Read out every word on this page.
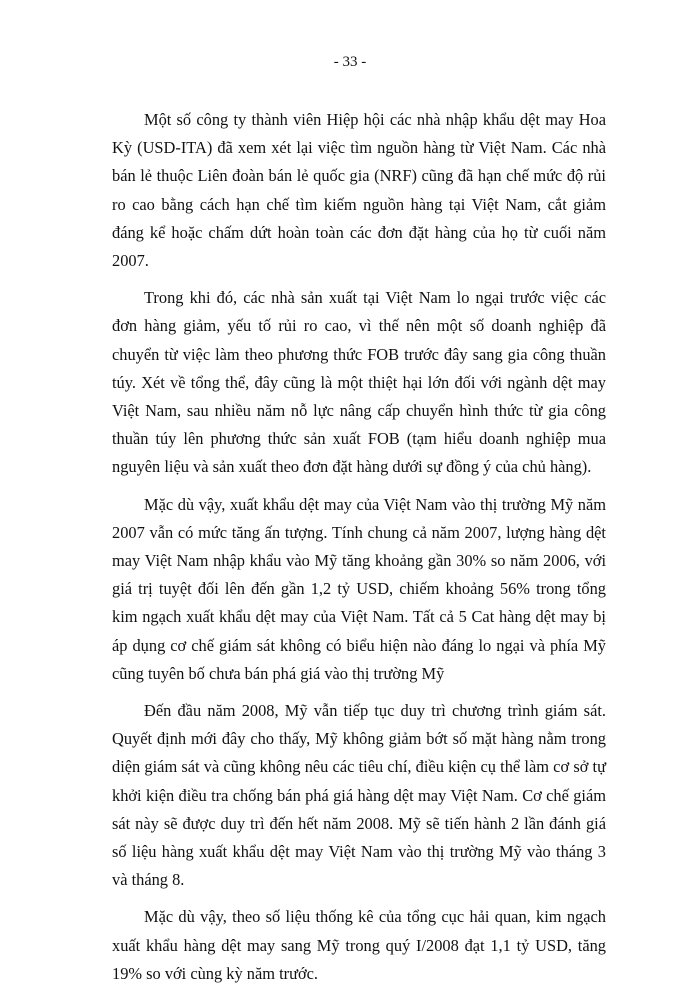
- 33 -

Một số công ty thành viên Hiệp hội các nhà nhập khẩu dệt may Hoa Kỳ (USD-ITA) đã xem xét lại việc tìm nguồn hàng từ Việt Nam. Các nhà bán lẻ thuộc Liên đoàn bán lẻ quốc gia (NRF) cũng đã hạn chế mức độ rủi ro cao bằng cách hạn chế tìm kiếm nguồn hàng tại Việt Nam, cắt giảm đáng kể hoặc chấm dứt hoàn toàn các đơn đặt hàng của họ từ cuối năm 2007.

Trong khi đó, các nhà sản xuất tại Việt Nam lo ngại trước việc các đơn hàng giảm, yếu tố rủi ro cao, vì thế nên một số doanh nghiệp đã chuyển từ việc làm theo phương thức FOB trước đây sang gia công thuần túy. Xét về tổng thể, đây cũng là một thiệt hại lớn đối với ngành dệt may Việt Nam, sau nhiều năm nỗ lực nâng cấp chuyển hình thức từ gia công thuần túy lên phương thức sản xuất FOB (tạm hiểu doanh nghiệp mua nguyên liệu và sản xuất theo đơn đặt hàng dưới sự đồng ý của chủ hàng).

Mặc dù vậy, xuất khẩu dệt may của Việt Nam vào thị trường Mỹ năm 2007 vẫn có mức tăng ấn tượng. Tính chung cả năm 2007, lượng hàng dệt may Việt Nam nhập khẩu vào Mỹ tăng khoảng gần 30% so năm 2006, với giá trị tuyệt đối lên đến gần 1,2 tỷ USD, chiếm khoảng 56% trong tổng kim ngạch xuất khẩu dệt may của Việt Nam. Tất cả 5 Cat hàng dệt may bị áp dụng cơ chế giám sát không có biểu hiện nào đáng lo ngại và phía Mỹ cũng tuyên bố chưa bán phá giá vào thị trường Mỹ

Đến đầu năm 2008, Mỹ vẫn tiếp tục duy trì chương trình giám sát. Quyết định mới đây cho thấy, Mỹ không giảm bớt số mặt hàng nằm trong diện giám sát và cũng không nêu các tiêu chí, điều kiện cụ thể làm cơ sở tự khởi kiện điều tra chống bán phá giá hàng dệt may Việt Nam. Cơ chế giám sát này sẽ được duy trì đến hết năm 2008. Mỹ sẽ tiến hành 2 lần đánh giá số liệu hàng xuất khẩu dệt may Việt Nam vào thị trường Mỹ vào tháng 3 và tháng 8.

Mặc dù vậy, theo số liệu thống kê của tổng cục hải quan, kim ngạch xuất khẩu hàng dệt may sang Mỹ trong quý I/2008 đạt 1,1 tỷ USD, tăng 19% so với cùng kỳ năm trước.
